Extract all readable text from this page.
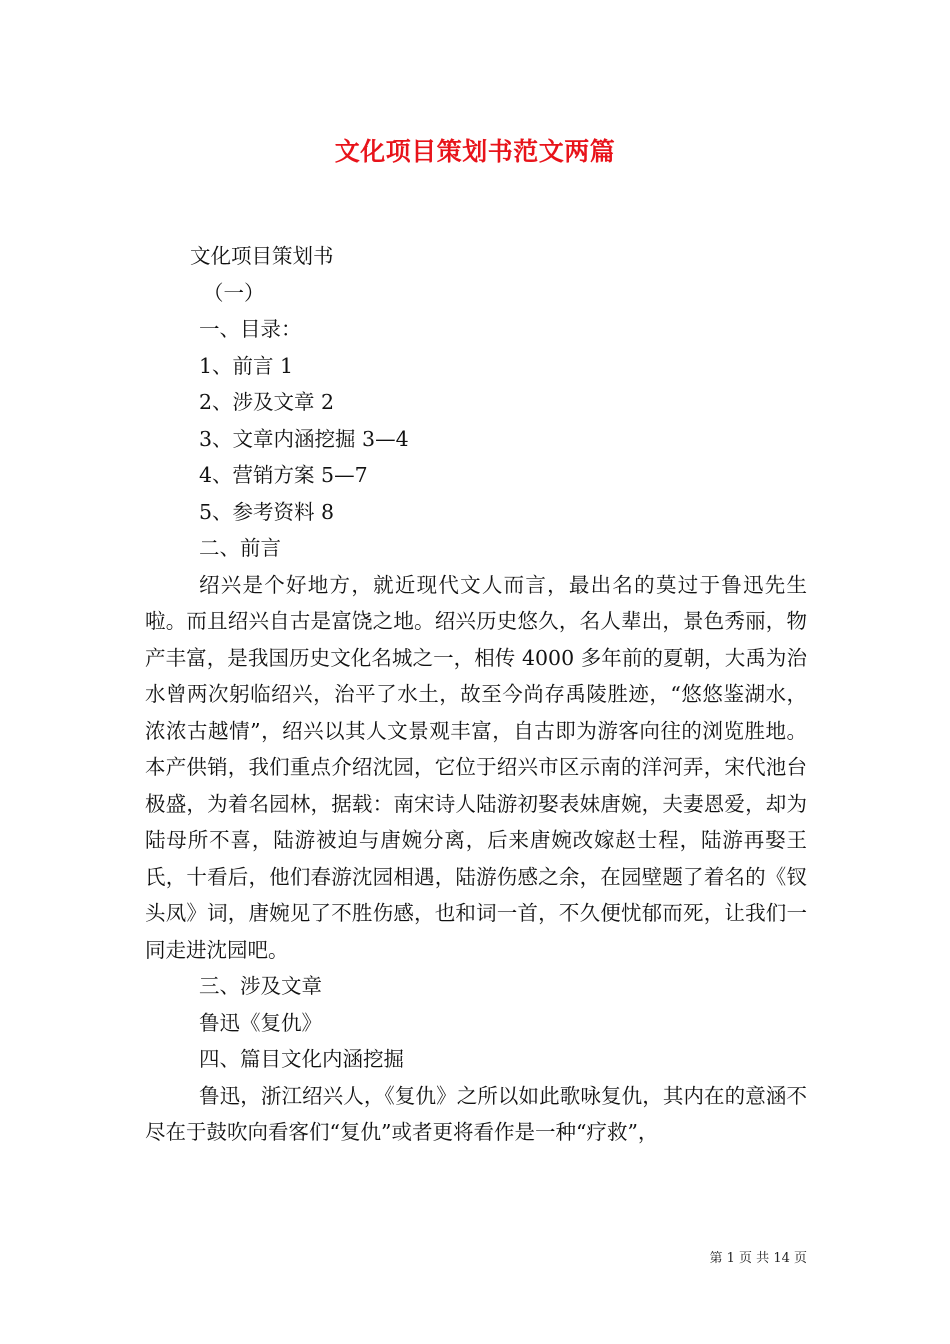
文化项目策划书范文两篇

文化项目策划书

（一）

一、目录：

1、前言 1

2、涉及文章 2

3、文章内涵挖掘 3—4

4、营销方案 5—7

5、参考资料 8

二、前言

绍兴是个好地方，就近现代文人而言，最出名的莫过于鲁迅先生啦。而且绍兴自古是富饶之地。绍兴历史悠久，名人辈出，景色秀丽，物产丰富，是我国历史文化名城之一，相传 4000 多年前的夏朝，大禹为治水曾两次躬临绍兴，治平了水土，故至今尚存禹陵胜迹，“悠悠鉴湖水，浓浓古越情”，绍兴以其人文景观丰富，自古即为游客向往的浏览胜地。本产供销，我们重点介绍沈园，它位于绍兴市区示南的洋河弄，宋代池台极盛，为着名园林，据载：南宋诗人陆游初娶表妹唐婉，夫妻恩爱，却为陆母所不喜，陆游被迫与唐婉分离，后来唐婉改嫁赵士程，陆游再娶王氏，十看后，他们春游沈园相遇，陆游伤感之余，在园壁题了着名的《钗头凤》词，唐婉见了不胜伤感，也和词一首，不久便忧郁而死，让我们一同走进沈园吧。

三、涉及文章

鲁迅《复仇》

四、篇目文化内涵挖掘

鲁迅，浙江绍兴人，《复仇》之所以如此歌咏复仇，其内在的意涵不尽在于鼓吹向看客们“复仇”或者更将看作是一种“疗救”，

第 1 页 共 14 页
